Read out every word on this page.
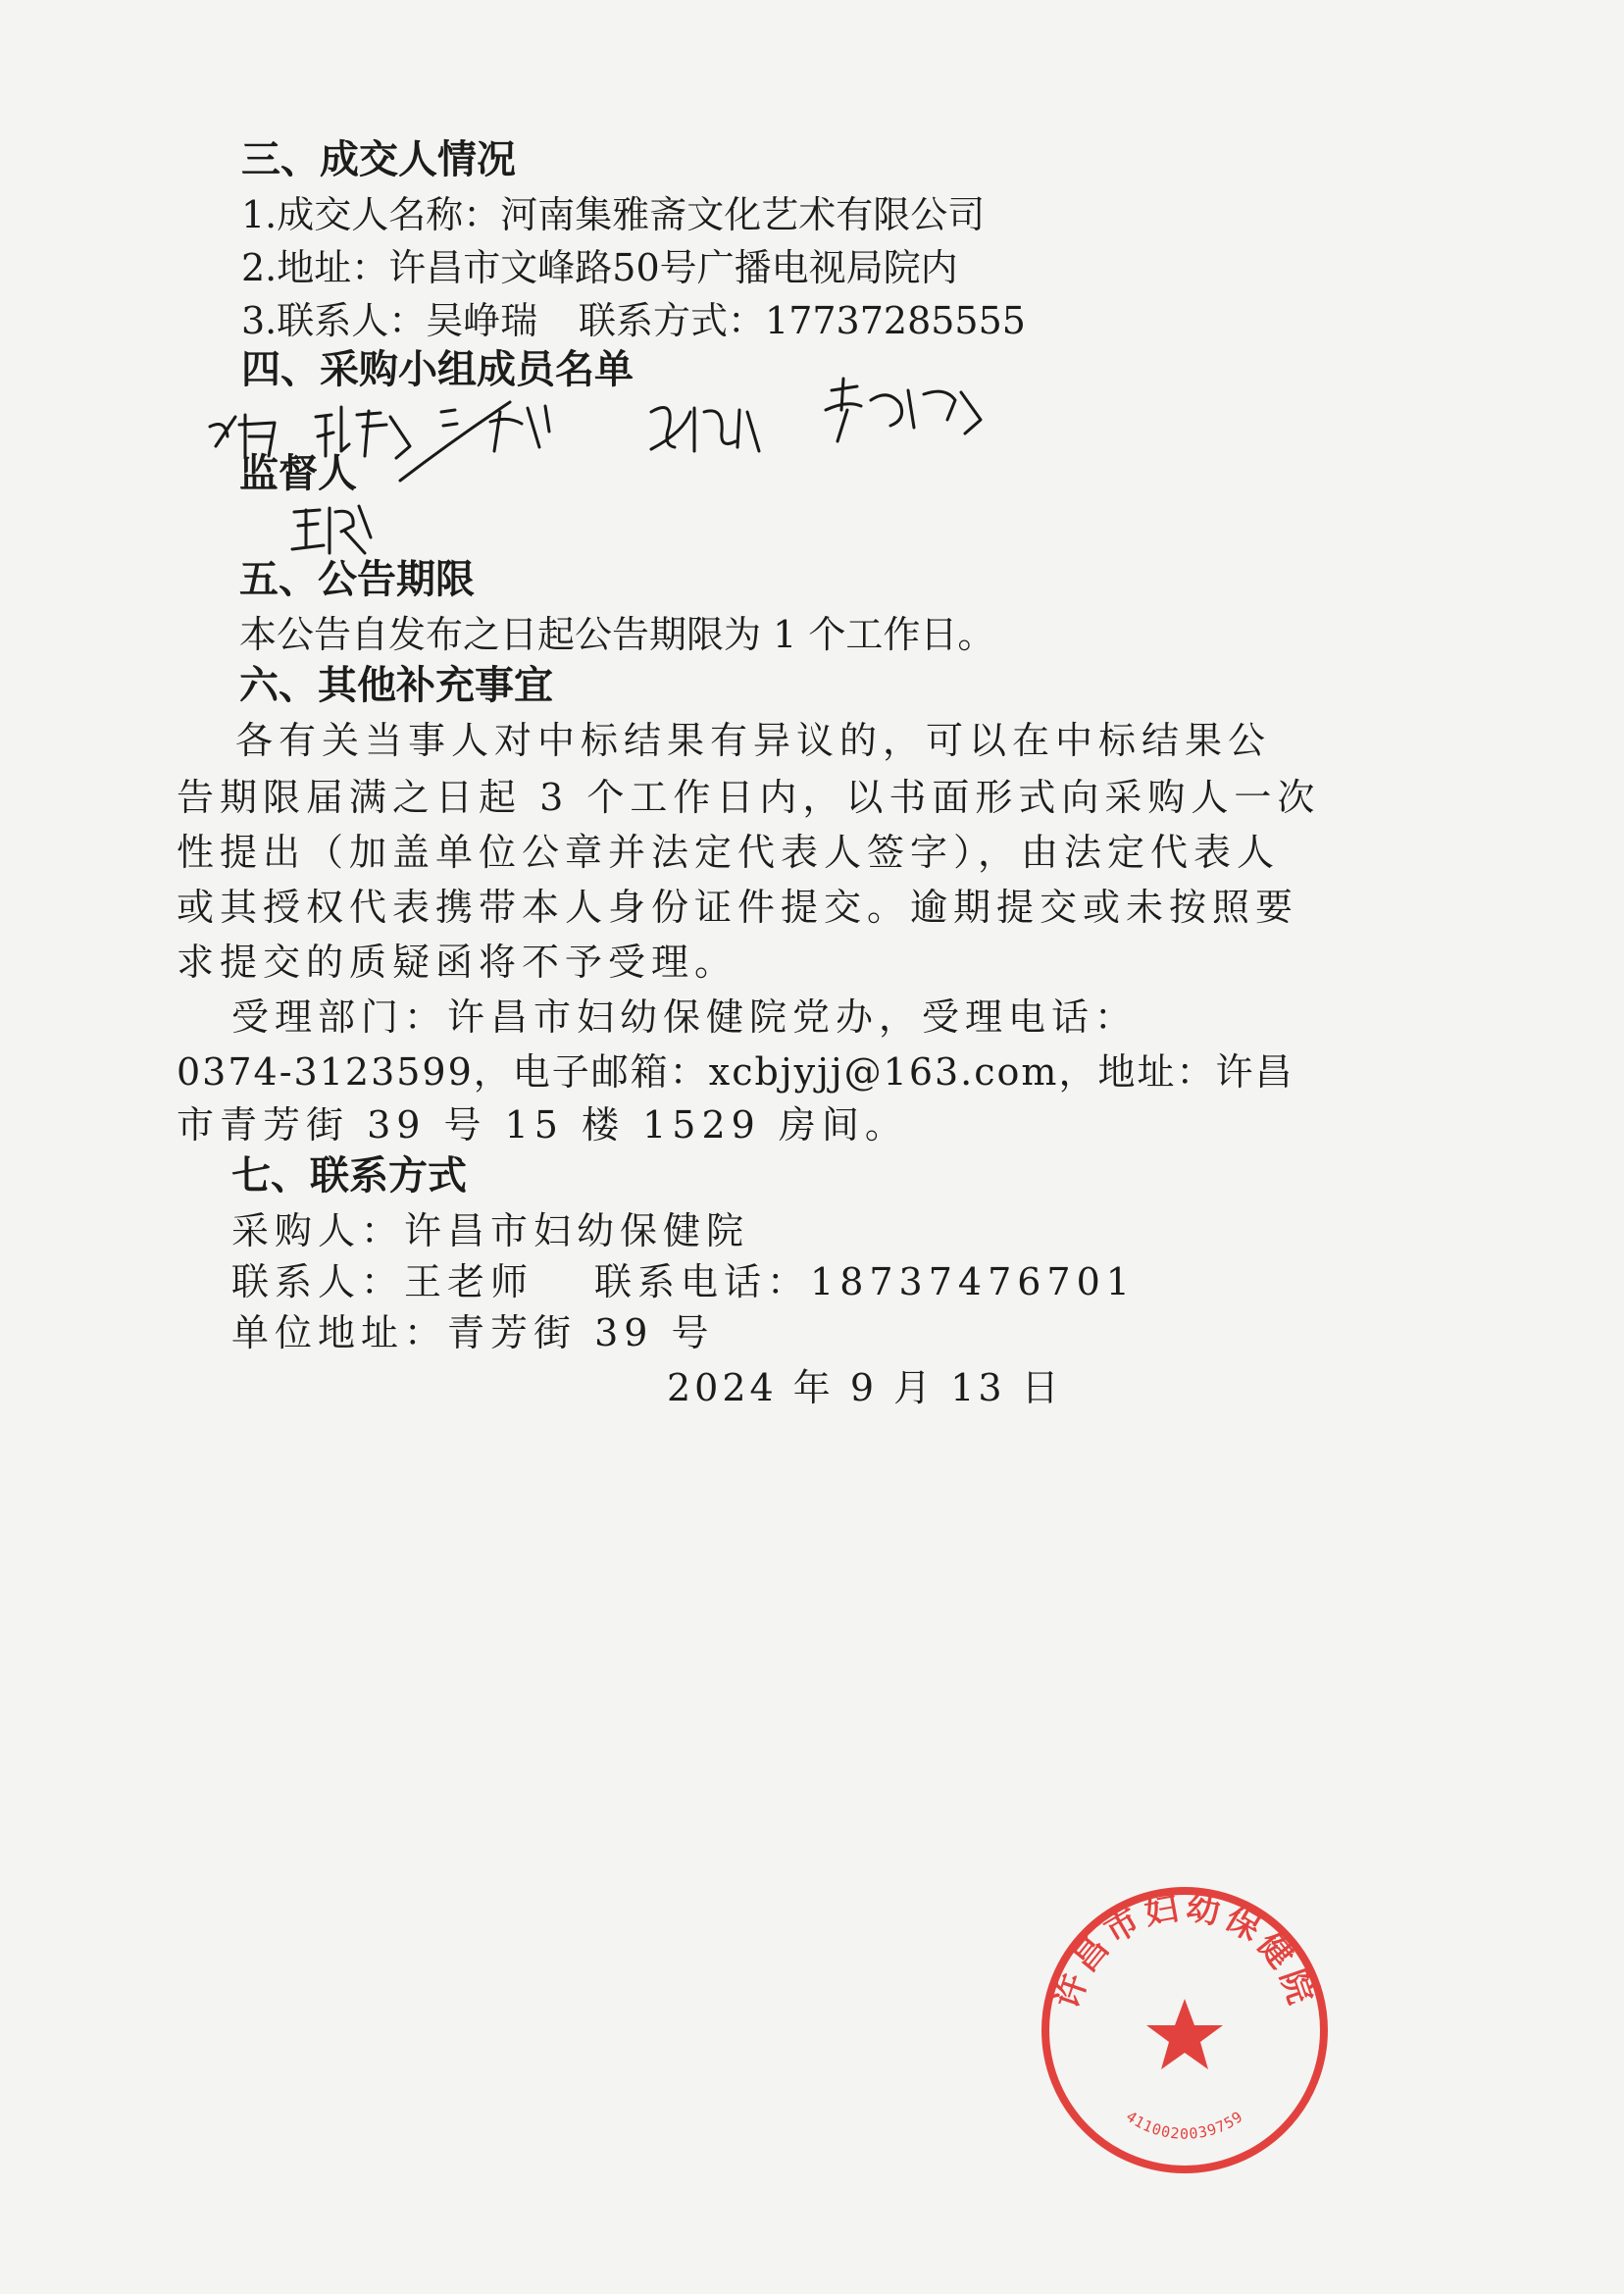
三、成交人情况
1.成交人名称：河南集雅斋文化艺术有限公司
2.地址：许昌市文峰路50号广播电视局院内
3.联系人：吴峥瑞 联系方式：17737285555
四、采购小组成员名单
监督人
五、公告期限
本公告自发布之日起公告期限为 1 个工作日。
六、其他补充事宜
各有关当事人对中标结果有异议的，可以在中标结果公
告期限届满之日起 3 个工作日内，以书面形式向采购人一次
性提出（加盖单位公章并法定代表人签字），由法定代表人
或其授权代表携带本人身份证件提交。逾期提交或未按照要
求提交的质疑函将不予受理。
受理部门：许昌市妇幼保健院党办，受理电话：
0374-3123599，电子邮箱：xcbjyjj@163.com，地址：许昌
市青芳街 39 号 15 楼 1529 房间。
七、联系方式
采购人：许昌市妇幼保健院
联系人：王老师 联系电话：18737476701
单位地址：青芳街 39 号
2024 年 9 月 13 日
许昌市妇幼保健院
4110020039759
